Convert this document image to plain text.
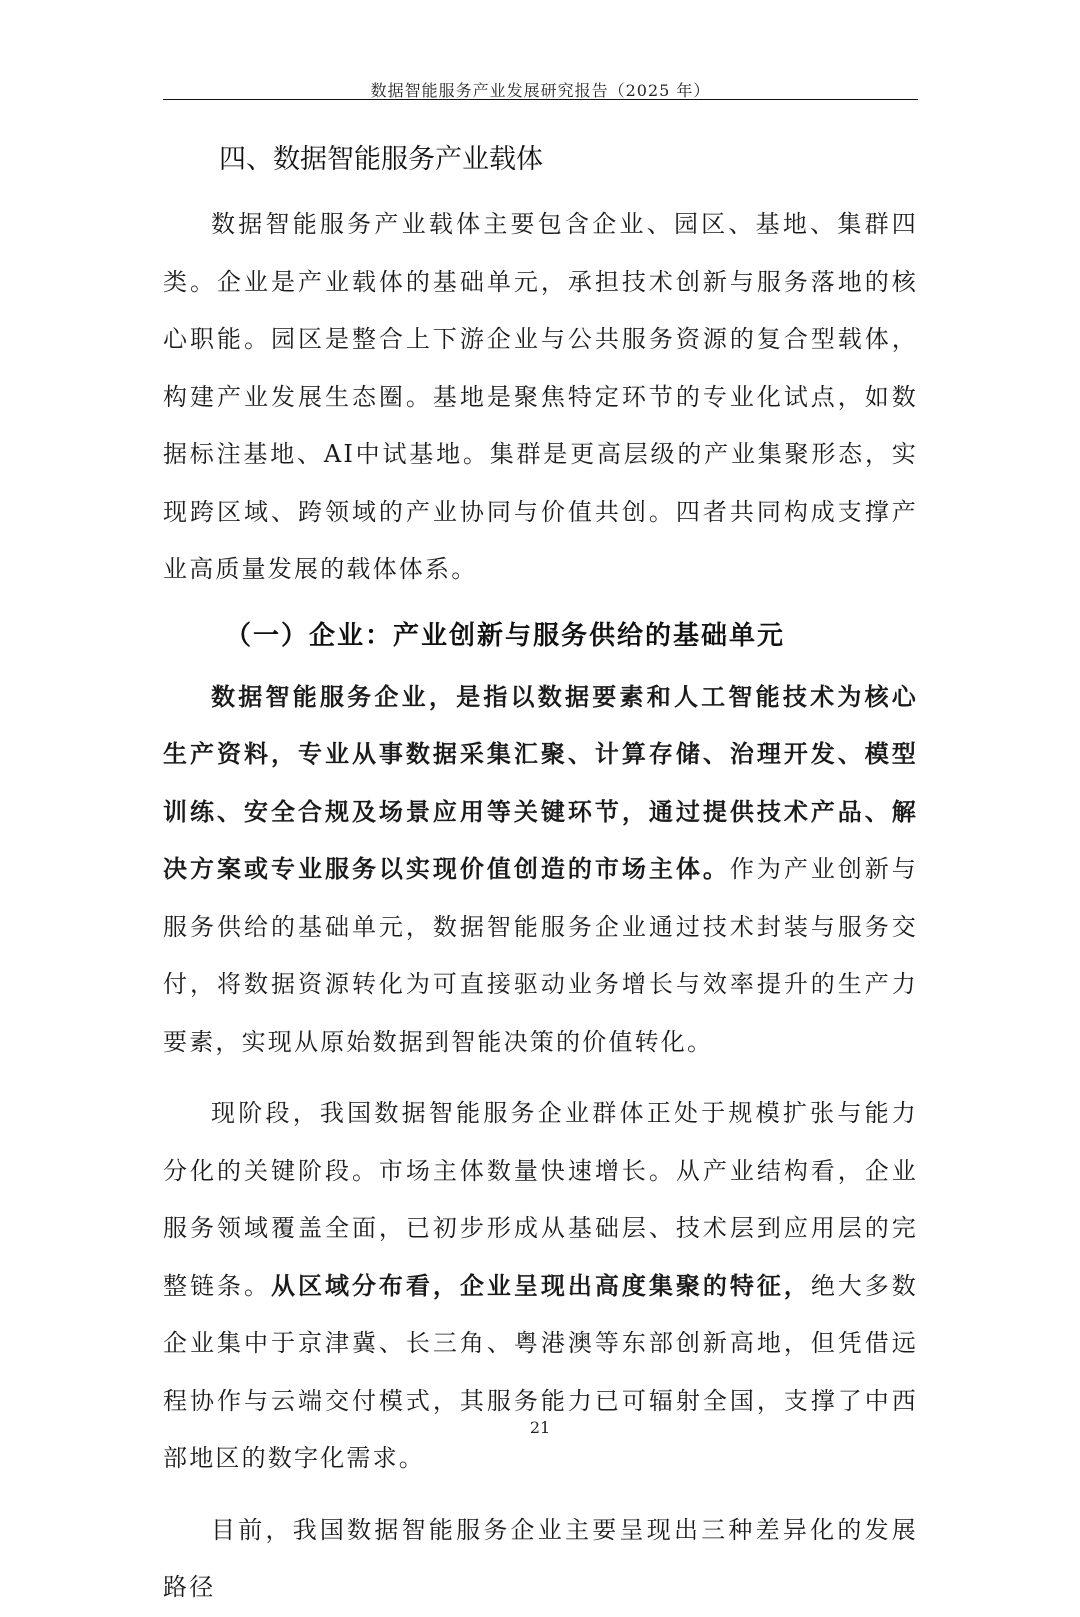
数据智能服务产业发展研究报告（2025 年）
四、数据智能服务产业载体

数据智能服务产业载体主要包含企业、园区、基地、集群四类。企业是产业载体的基础单元，承担技术创新与服务落地的核心职能。园区是整合上下游企业与公共服务资源的复合型载体，构建产业发展生态圈。基地是聚焦特定环节的专业化试点，如数据标注基地、AI中试基地。集群是更高层级的产业集聚形态，实现跨区域、跨领域的产业协同与价值共创。四者共同构成支撑产业高质量发展的载体体系。

（一）企业：产业创新与服务供给的基础单元

数据智能服务企业，是指以数据要素和人工智能技术为核心生产资料，专业从事数据采集汇聚、计算存储、治理开发、模型训练、安全合规及场景应用等关键环节，通过提供技术产品、解决方案或专业服务以实现价值创造的市场主体。作为产业创新与服务供给的基础单元，数据智能服务企业通过技术封装与服务交付，将数据资源转化为可直接驱动业务增长与效率提升的生产力要素，实现从原始数据到智能决策的价值转化。

现阶段，我国数据智能服务企业群体正处于规模扩张与能力分化的关键阶段。市场主体数量快速增长。从产业结构看，企业服务领域覆盖全面，已初步形成从基础层、技术层到应用层的完整链条。从区域分布看，企业呈现出高度集聚的特征，绝大多数企业集中于京津冀、长三角、粤港澳等东部创新高地，但凭借远程协作与云端交付模式，其服务能力已可辐射全国，支撑了中西部地区的数字化需求。

目前，我国数据智能服务企业主要呈现出三种差异化的发展路径

21
